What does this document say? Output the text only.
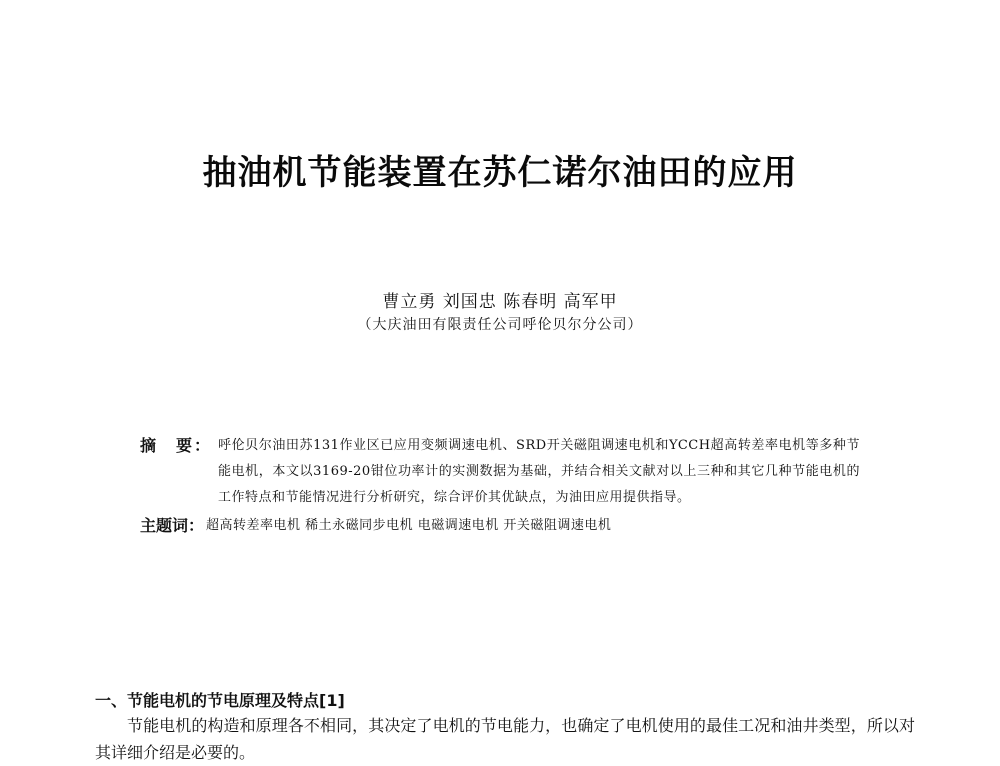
抽油机节能装置在苏仁诺尔油田的应用
曹立勇 刘国忠 陈春明 高军甲
（大庆油田有限责任公司呼伦贝尔分公司）
摘　要： 呼伦贝尔油田苏131作业区已应用变频调速电机、SRD开关磁阻调速电机和YCCH超高转差率电机等多种节能电机，本文以3169-20钳位功率计的实测数据为基础，并结合相关文献对以上三种和其它几种节能电机的工作特点和节能情况进行分析研究，综合评价其优缺点，为油田应用提供指导。
主题词： 超高转差率电机 稀土永磁同步电机 电磁调速电机 开关磁阻调速电机
一、节能电机的节电原理及特点[1]
节能电机的构造和原理各不相同，其决定了电机的节电能力，也确定了电机使用的最佳工况和油井类型，所以对其详细介绍是必要的。
